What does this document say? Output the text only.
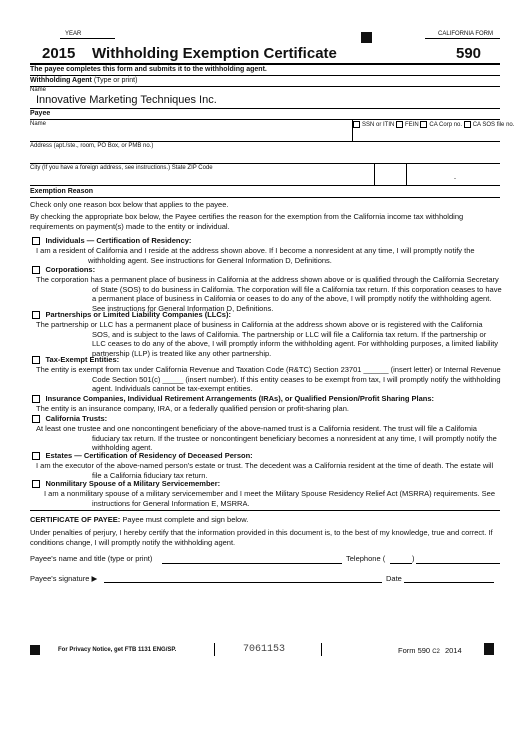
YEAR
2015 Withholding Exemption Certificate
CALIFORNIA FORM
590
The payee completes this form and submits it to the withholding agent.
Withholding Agent (Type or print)
Name
Innovative Marketing Techniques Inc.
Payee
Name	SSN or ITIN FEIN CA Corp no. CA SOS file no.
Address (apt./ste., room, PO Box, or PMB no.)
City (If you have a foreign address, see instructions.) State ZIP Code
-
Exemption Reason
Check only one reason box below that applies to the payee.
By checking the appropriate box below, the Payee certifies the reason for the exemption from the California income tax withholding requirements on payment(s) made to the entity or individual.
Individuals — Certification of Residency:
I am a resident of California and I reside at the address shown above. If I become a nonresident at any time, I will promptly notify the withholding agent. See instructions for General Information D, Definitions.
Corporations:
The corporation has a permanent place of business in California at the address shown above or is qualified through the California Secretary of State (SOS) to do business in California. The corporation will file a California tax return. If this corporation ceases to have a permanent place of business in California or ceases to do any of the above, I will promptly notify the withholding agent. See instructions for General Information D, Definitions.
Partnerships or Limited Liability Companies (LLCs):
The partnership or LLC has a permanent place of business in California at the address shown above or is registered with the California SOS, and is subject to the laws of California. The partnership or LLC will file a California tax return. If the partnership or LLC ceases to do any of the above, I will promptly inform the withholding agent. For withholding purposes, a limited liability partnership (LLP) is treated like any other partnership.
Tax-Exempt Entities:
The entity is exempt from tax under California Revenue and Taxation Code (R&TC) Section 23701 ______ (insert letter) or Internal Revenue Code Section 501(c) _____ (insert number). If this entity ceases to be exempt from tax, I will promptly notify the withholding agent. Individuals cannot be tax-exempt entities.
Insurance Companies, Individual Retirement Arrangements (IRAs), or Qualified Pension/Profit Sharing Plans:
The entity is an insurance company, IRA, or a federally qualified pension or profit-sharing plan.
California Trusts:
At least one trustee and one noncontingent beneficiary of the above-named trust is a California resident. The trust will file a California fiduciary tax return. If the trustee or noncontingent beneficiary becomes a nonresident at any time, I will promptly notify the withholding agent.
Estates — Certification of Residency of Deceased Person:
I am the executor of the above-named person's estate or trust. The decedent was a California resident at the time of death. The estate will file a California fiduciary tax return.
Nonmilitary Spouse of a Military Servicemember:
I am a nonmilitary spouse of a military servicemember and I meet the Military Spouse Residency Relief Act (MSRRA) requirements. See instructions for General Information E, MSRRA.
CERTIFICATE OF PAYEE: Payee must complete and sign below.
Under penalties of perjury, I hereby certify that the information provided in this document is, to the best of my knowledge, true and correct. If conditions change, I will promptly notify the withholding agent.
Payee's name and title (type or print)	Telephone (	)
Payee's signature ▶	Date
For Privacy Notice, get FTB 1131 ENG/SP.	7061153	Form 590 C2 2014
